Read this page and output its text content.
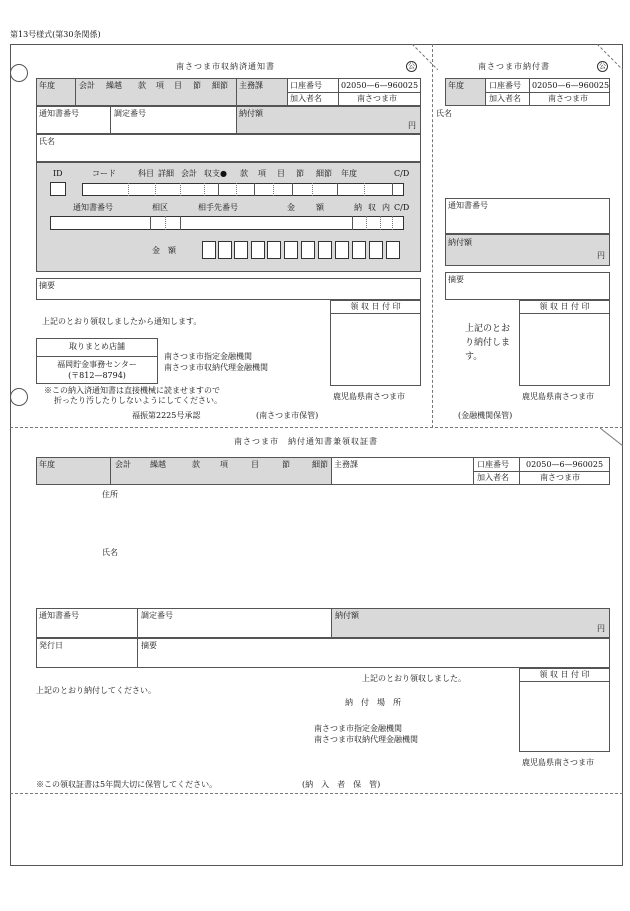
第13号様式(第30条関係)
南さつま市収納済通知書	公
年度	会計 繰越 款 項 目 節 細節 主務課	口座番号 02050—6—960025
加入者名	南さつま市
通知書番号	調定番号	納付額
円
氏名
ID	コード	科目 詳細 会計 収支● 款 項 目 節 細節 年度	C/D
通知書番号	相区	相手先番号	金	額	納 収 内 C/D
金　額
摘要
領 収 日 付 印
上記のとおり領収しましたから通知します。
取りまとめ店舗
福岡貯金事務センター
(〒812—8794)
南さつま市指定金融機関
南さつま市収納代理金融機関
※この納入済通知書は直接機械に読ませますので
折ったり汚したりしないようにしてください。	鹿児島県南さつま市
福振第2225号承認	(南さつま市保管)
南さつま市納付書	公
年度	口座番号 02050—6—960025
加入者名	南さつま市
氏名
通知書番号
納付額
円
摘要
領 収 日 付 印
上記のとお
り納付しま
す。
鹿児島県南さつま市
(金融機関保管)
南さつま市　納付通知書兼領収証書
年度	会計 繰越	款	項	目	節	細節 主務課	口座番号 02050—6—960025
加入者名	南さつま市
住所
氏名
通知書番号	調定番号	納付額
円
発行日	摘要
上記のとおり領収しました。	領 収 日 付 印
上記のとおり納付してください。
納　付　場　所
南さつま市指定金融機関
南さつま市収納代理金融機関
鹿児島県南さつま市
※この領収証書は5年間大切に保管してください。	(納　入　者　保　管)
